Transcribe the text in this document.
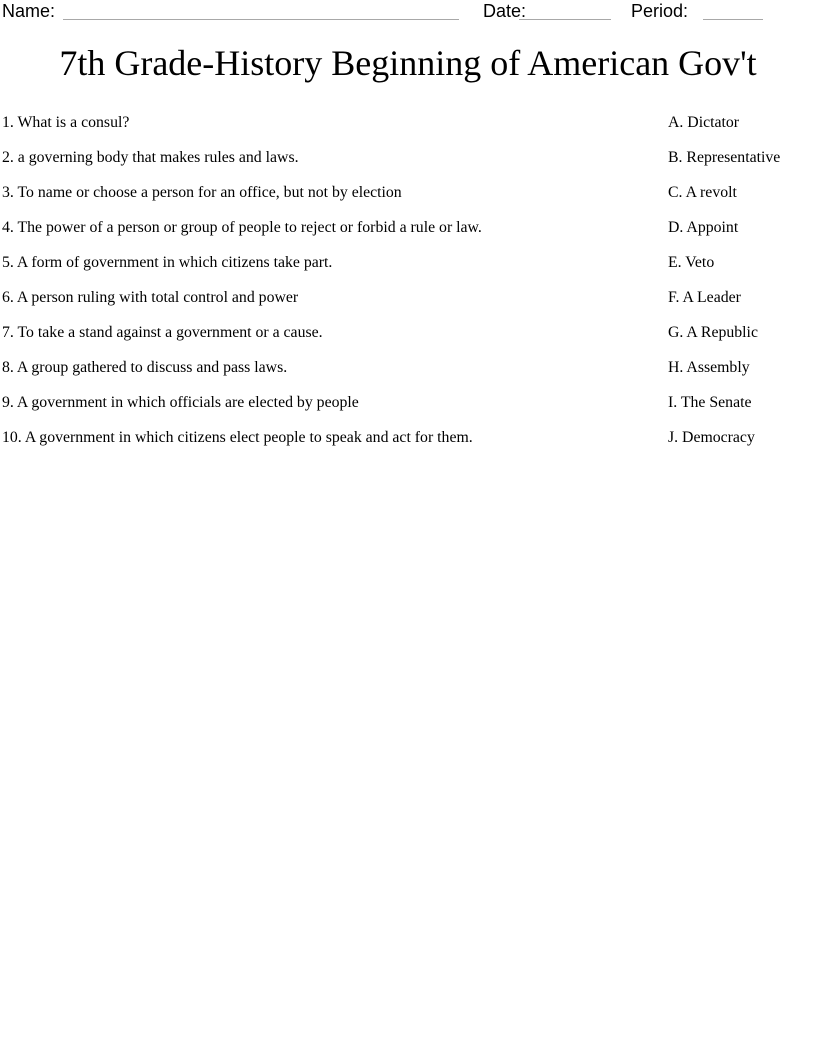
Name:	Date:	Period:
7th Grade-History Beginning of American Gov't
1. What is a consul?	A. Dictator
2. a governing body that makes rules and laws.	B. Representative
3. To name or choose a person for an office, but not by election	C. A revolt
4. The power of a person or group of people to reject or forbid a rule or law.	D. Appoint
5. A form of government in which citizens take part.	E. Veto
6. A person ruling with total control and power	F. A Leader
7. To take a stand against a government or a cause.	G. A Republic
8. A group gathered to discuss and pass laws.	H. Assembly
9. A government in which officials are elected by people	I. The Senate
10. A government in which citizens elect people to speak and act for them.	J. Democracy
